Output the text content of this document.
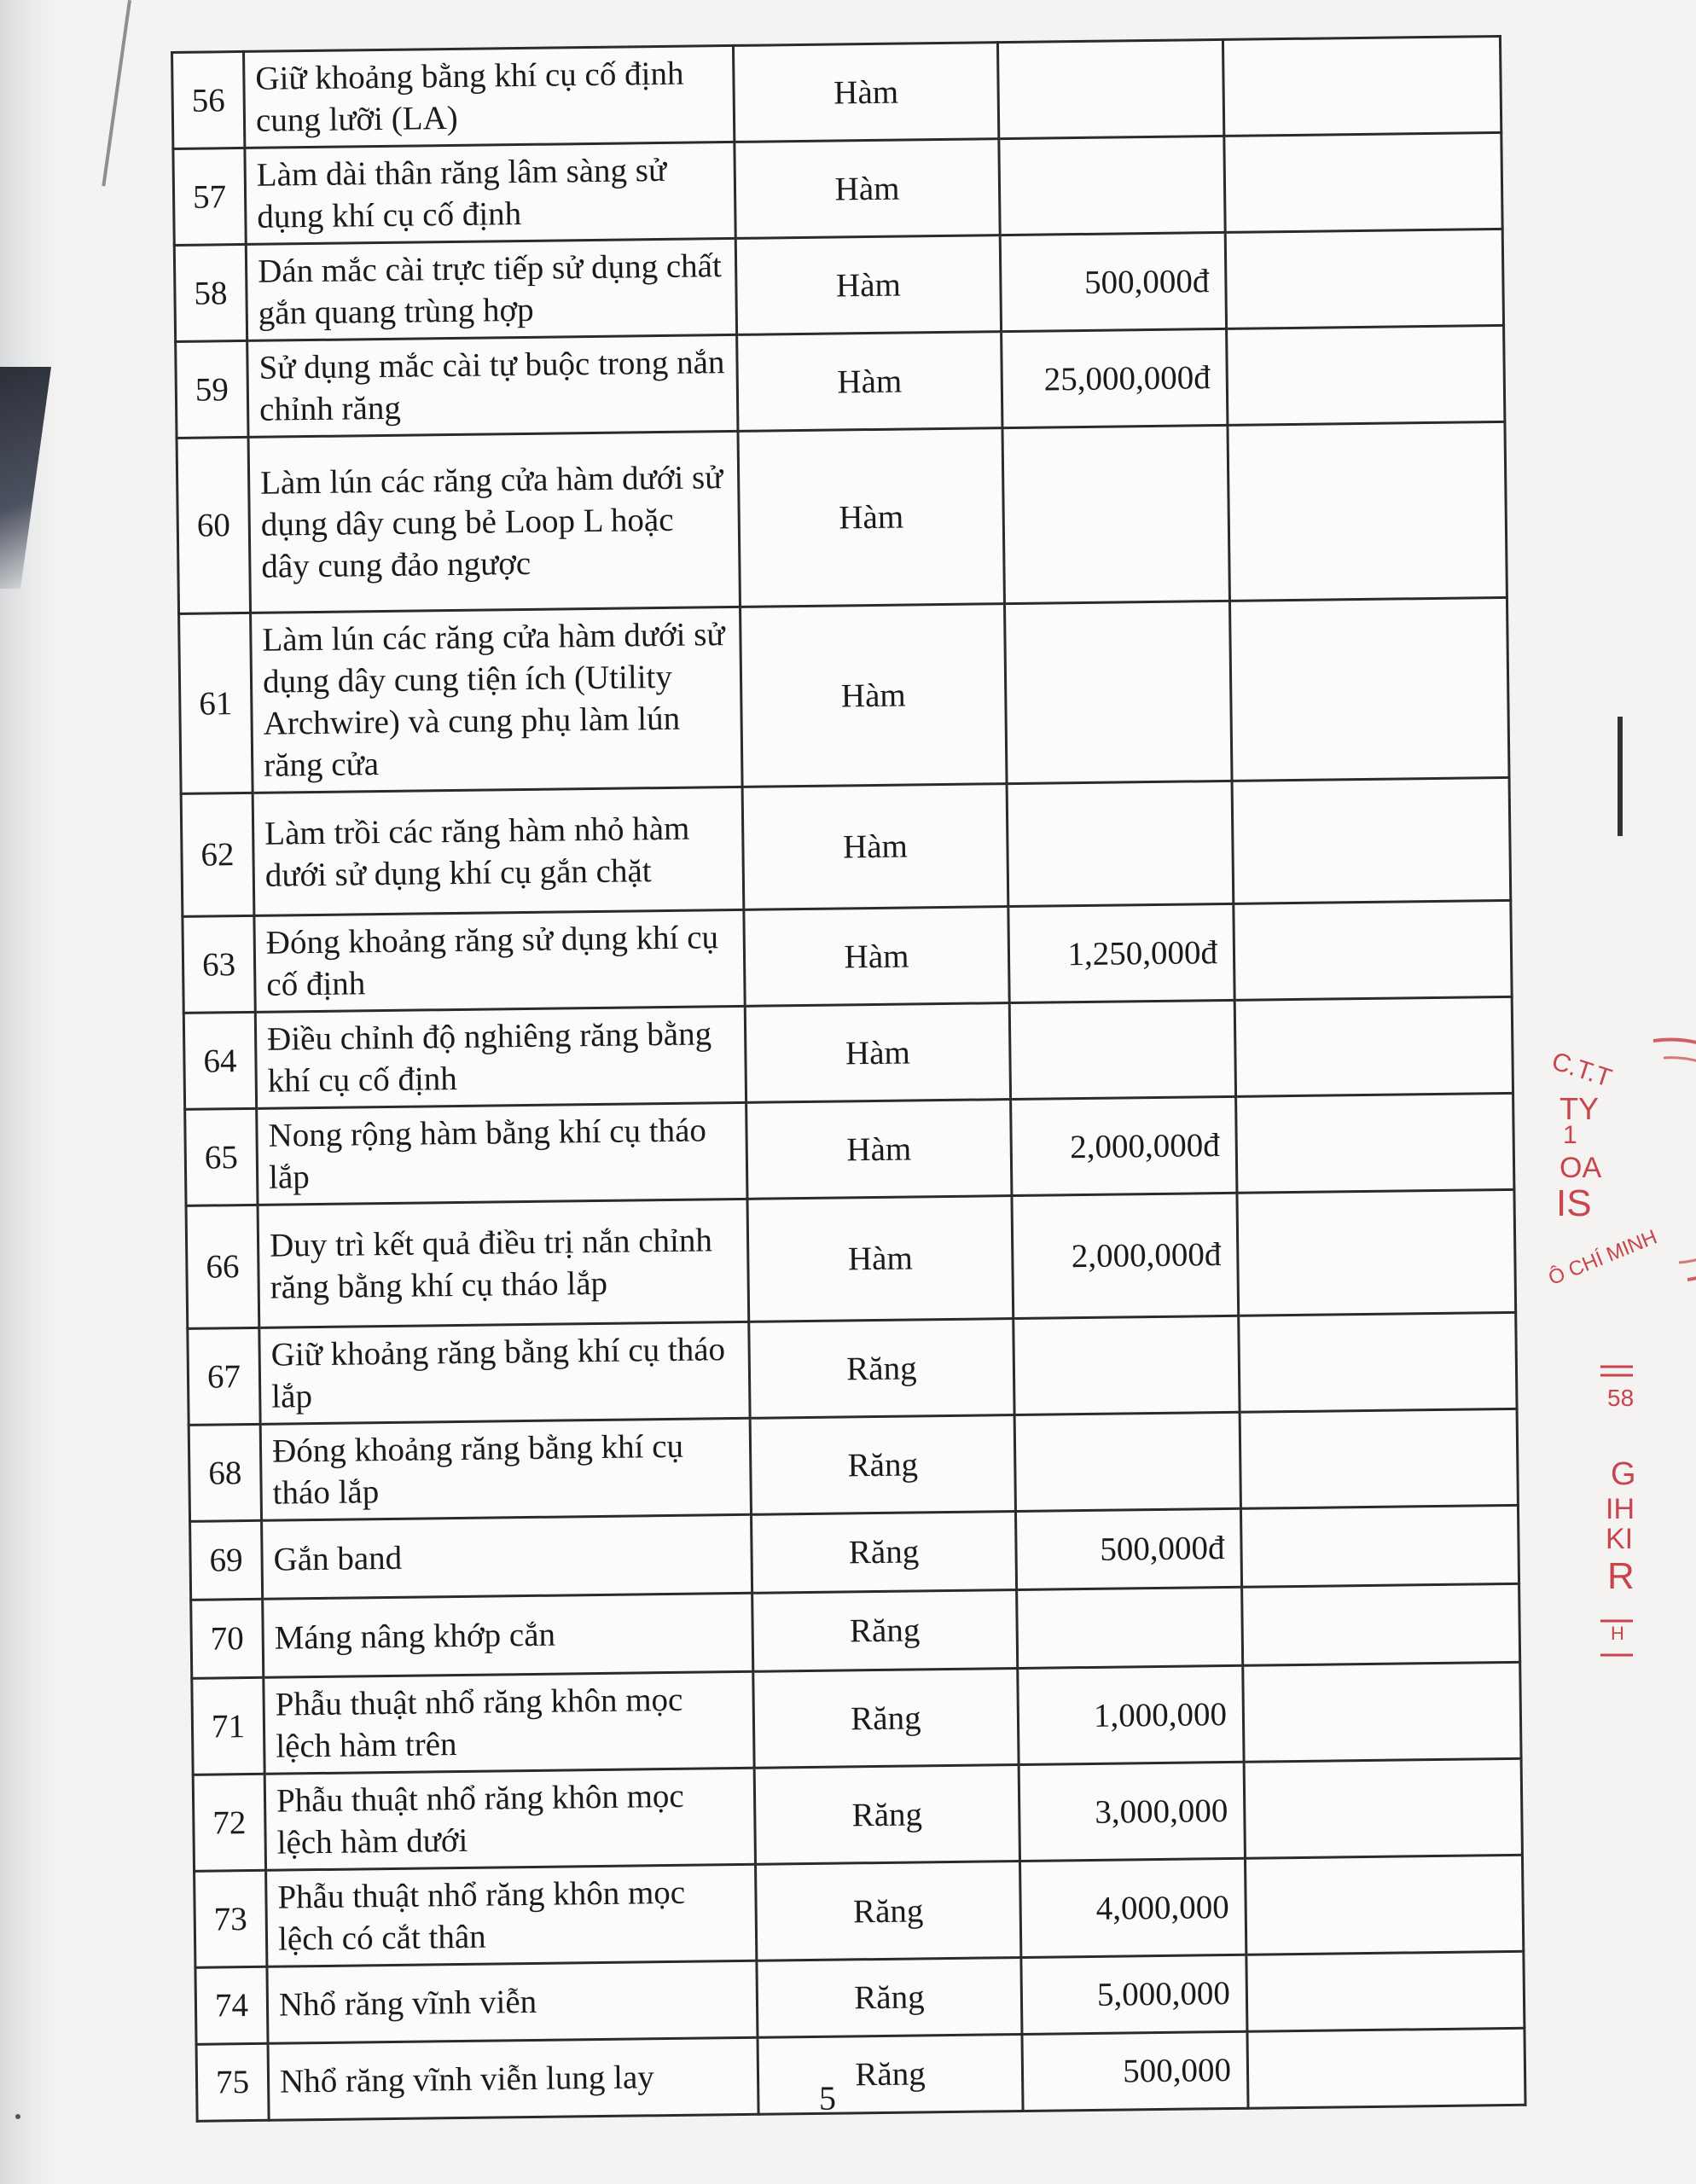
56	Giữ khoảng bằng khí cụ cố định cung lưỡi (LA)	Hàm		
57	Làm dài thân răng lâm sàng sử dụng khí cụ cố định	Hàm		
58	Dán mắc cài trực tiếp sử dụng chất gắn quang trùng hợp	Hàm	500,000đ	
59	Sử dụng mắc cài tự buộc trong nắn chỉnh răng	Hàm	25,000,000đ	
60	Làm lún các răng cửa hàm dưới sử dụng dây cung bẻ Loop L hoặc dây cung đảo ngược	Hàm		
61	Làm lún các răng cửa hàm dưới sử dụng dây cung tiện ích (Utility Archwire) và cung phụ làm lún răng cửa	Hàm		
62	Làm trồi các răng hàm nhỏ hàm dưới sử dụng khí cụ gắn chặt	Hàm		
63	Đóng khoảng răng sử dụng khí cụ cố định	Hàm	1,250,000đ	
64	Điều chỉnh độ nghiêng răng bằng khí cụ cố định	Hàm		
65	Nong rộng hàm bằng khí cụ tháo lắp	Hàm	2,000,000đ	
66	Duy trì kết quả điều trị nắn chỉnh răng bằng khí cụ tháo lắp	Hàm	2,000,000đ	
67	Giữ khoảng răng bằng khí cụ tháo lắp	Răng		
68	Đóng khoảng răng bằng khí cụ tháo lắp	Răng		
69	Gắn band	Răng	500,000đ	
70	Máng nâng khớp cắn	Răng		
71	Phẫu thuật nhổ răng khôn mọc lệch hàm trên	Răng	1,000,000	
72	Phẫu thuật nhổ răng khôn mọc lệch hàm dưới	Răng	3,000,000	
73	Phẫu thuật nhổ răng khôn mọc lệch có cắt thân	Răng	4,000,000	
74	Nhổ răng vĩnh viễn	Răng	5,000,000	
75	Nhổ răng vĩnh viễn lung lay	Răng	500,000	
5
C.T.T
TY
1
OA
IS
Ô CHÍ MINH
58
G
IH
KI
R
H
